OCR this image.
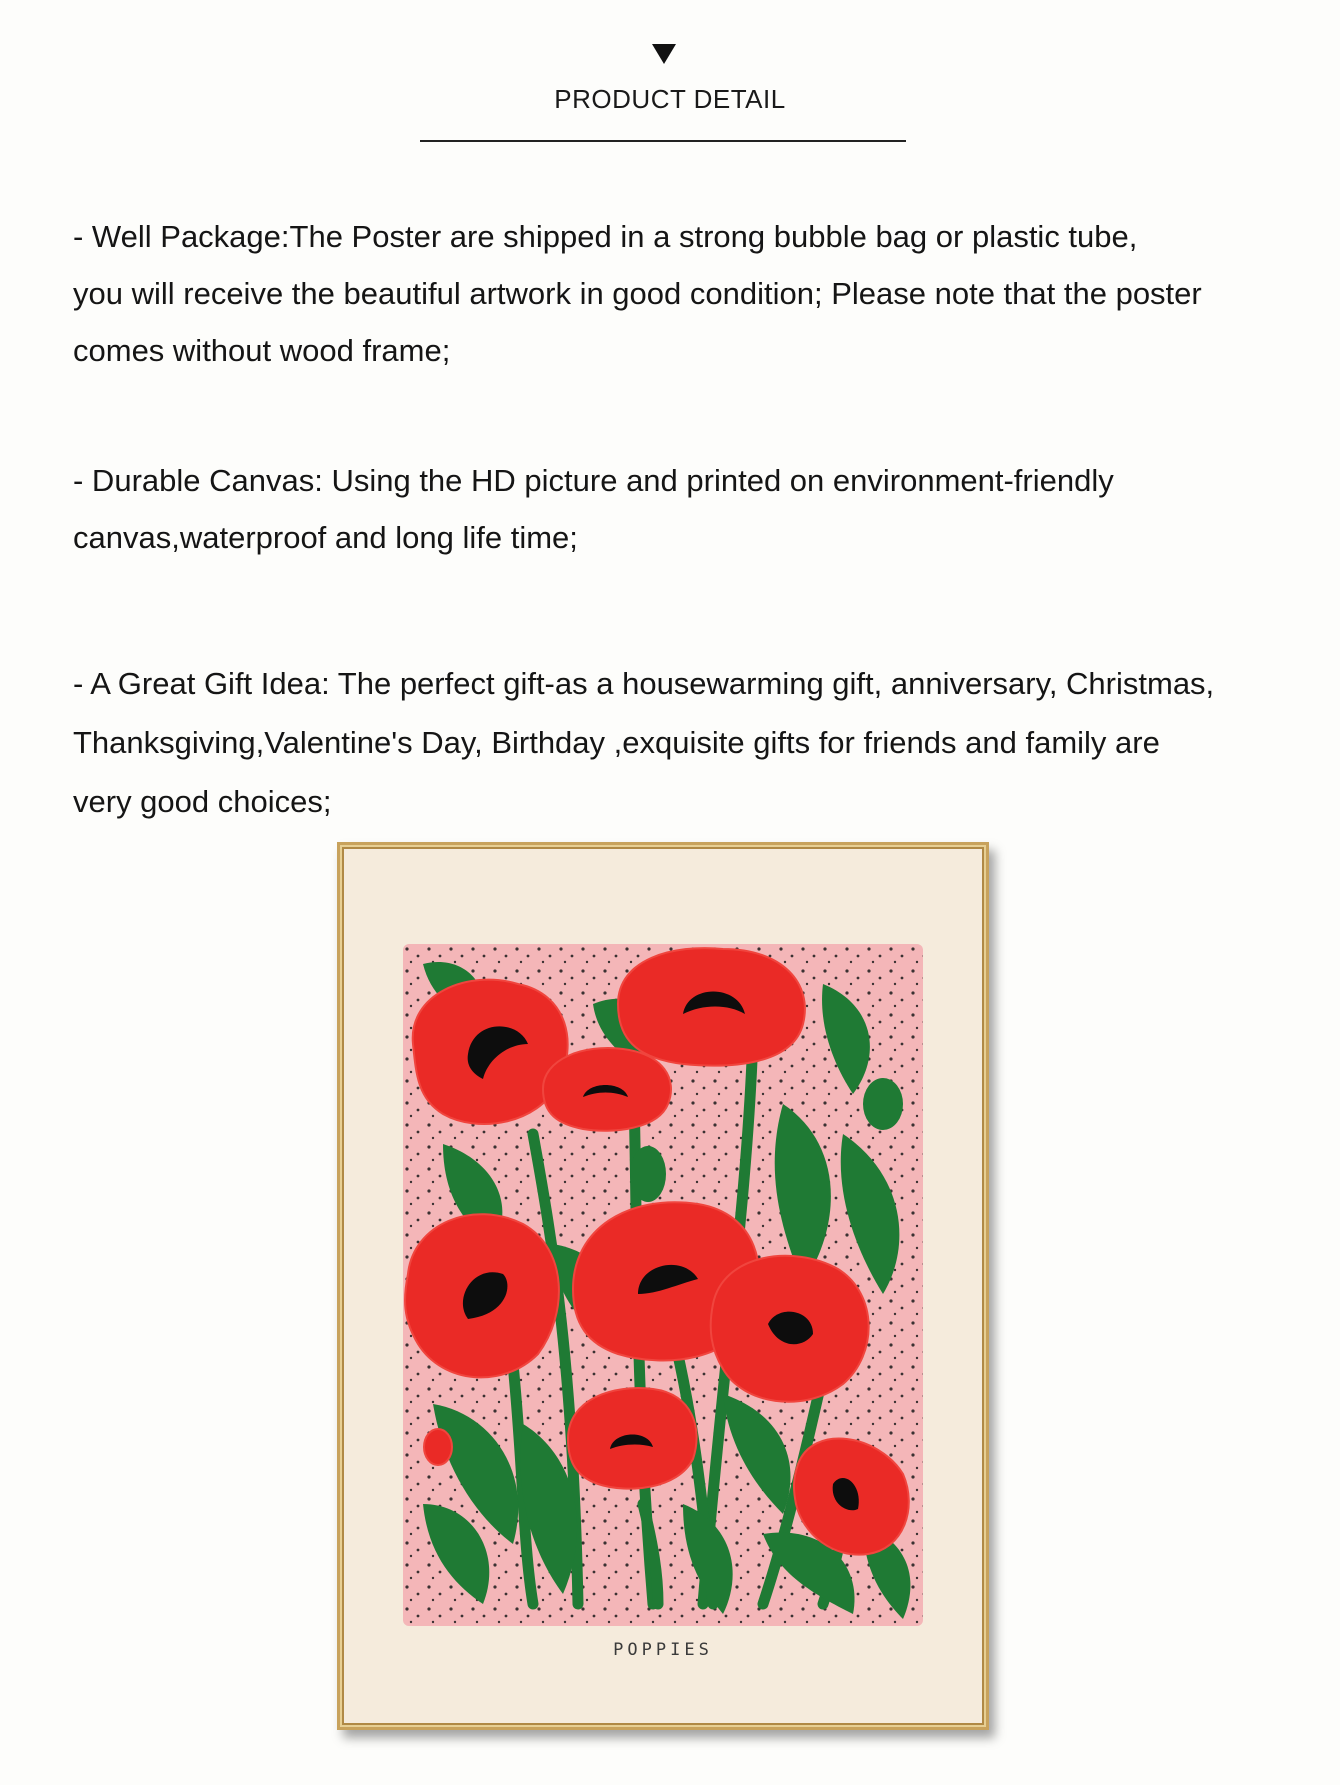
PRODUCT DETAIL
- Well Package:The Poster are shipped in a strong bubble bag or plastic tube,
you will receive the beautiful artwork in good condition; Please note that the poster
comes without wood frame;
- Durable Canvas: Using the HD picture and printed on environment-friendly
canvas,waterproof and long life time;
- A Great Gift Idea: The perfect gift-as a housewarming gift, anniversary, Christmas,
Thanksgiving,Valentine's Day, Birthday ,exquisite gifts for friends and family are
very good choices;
POPPIES
